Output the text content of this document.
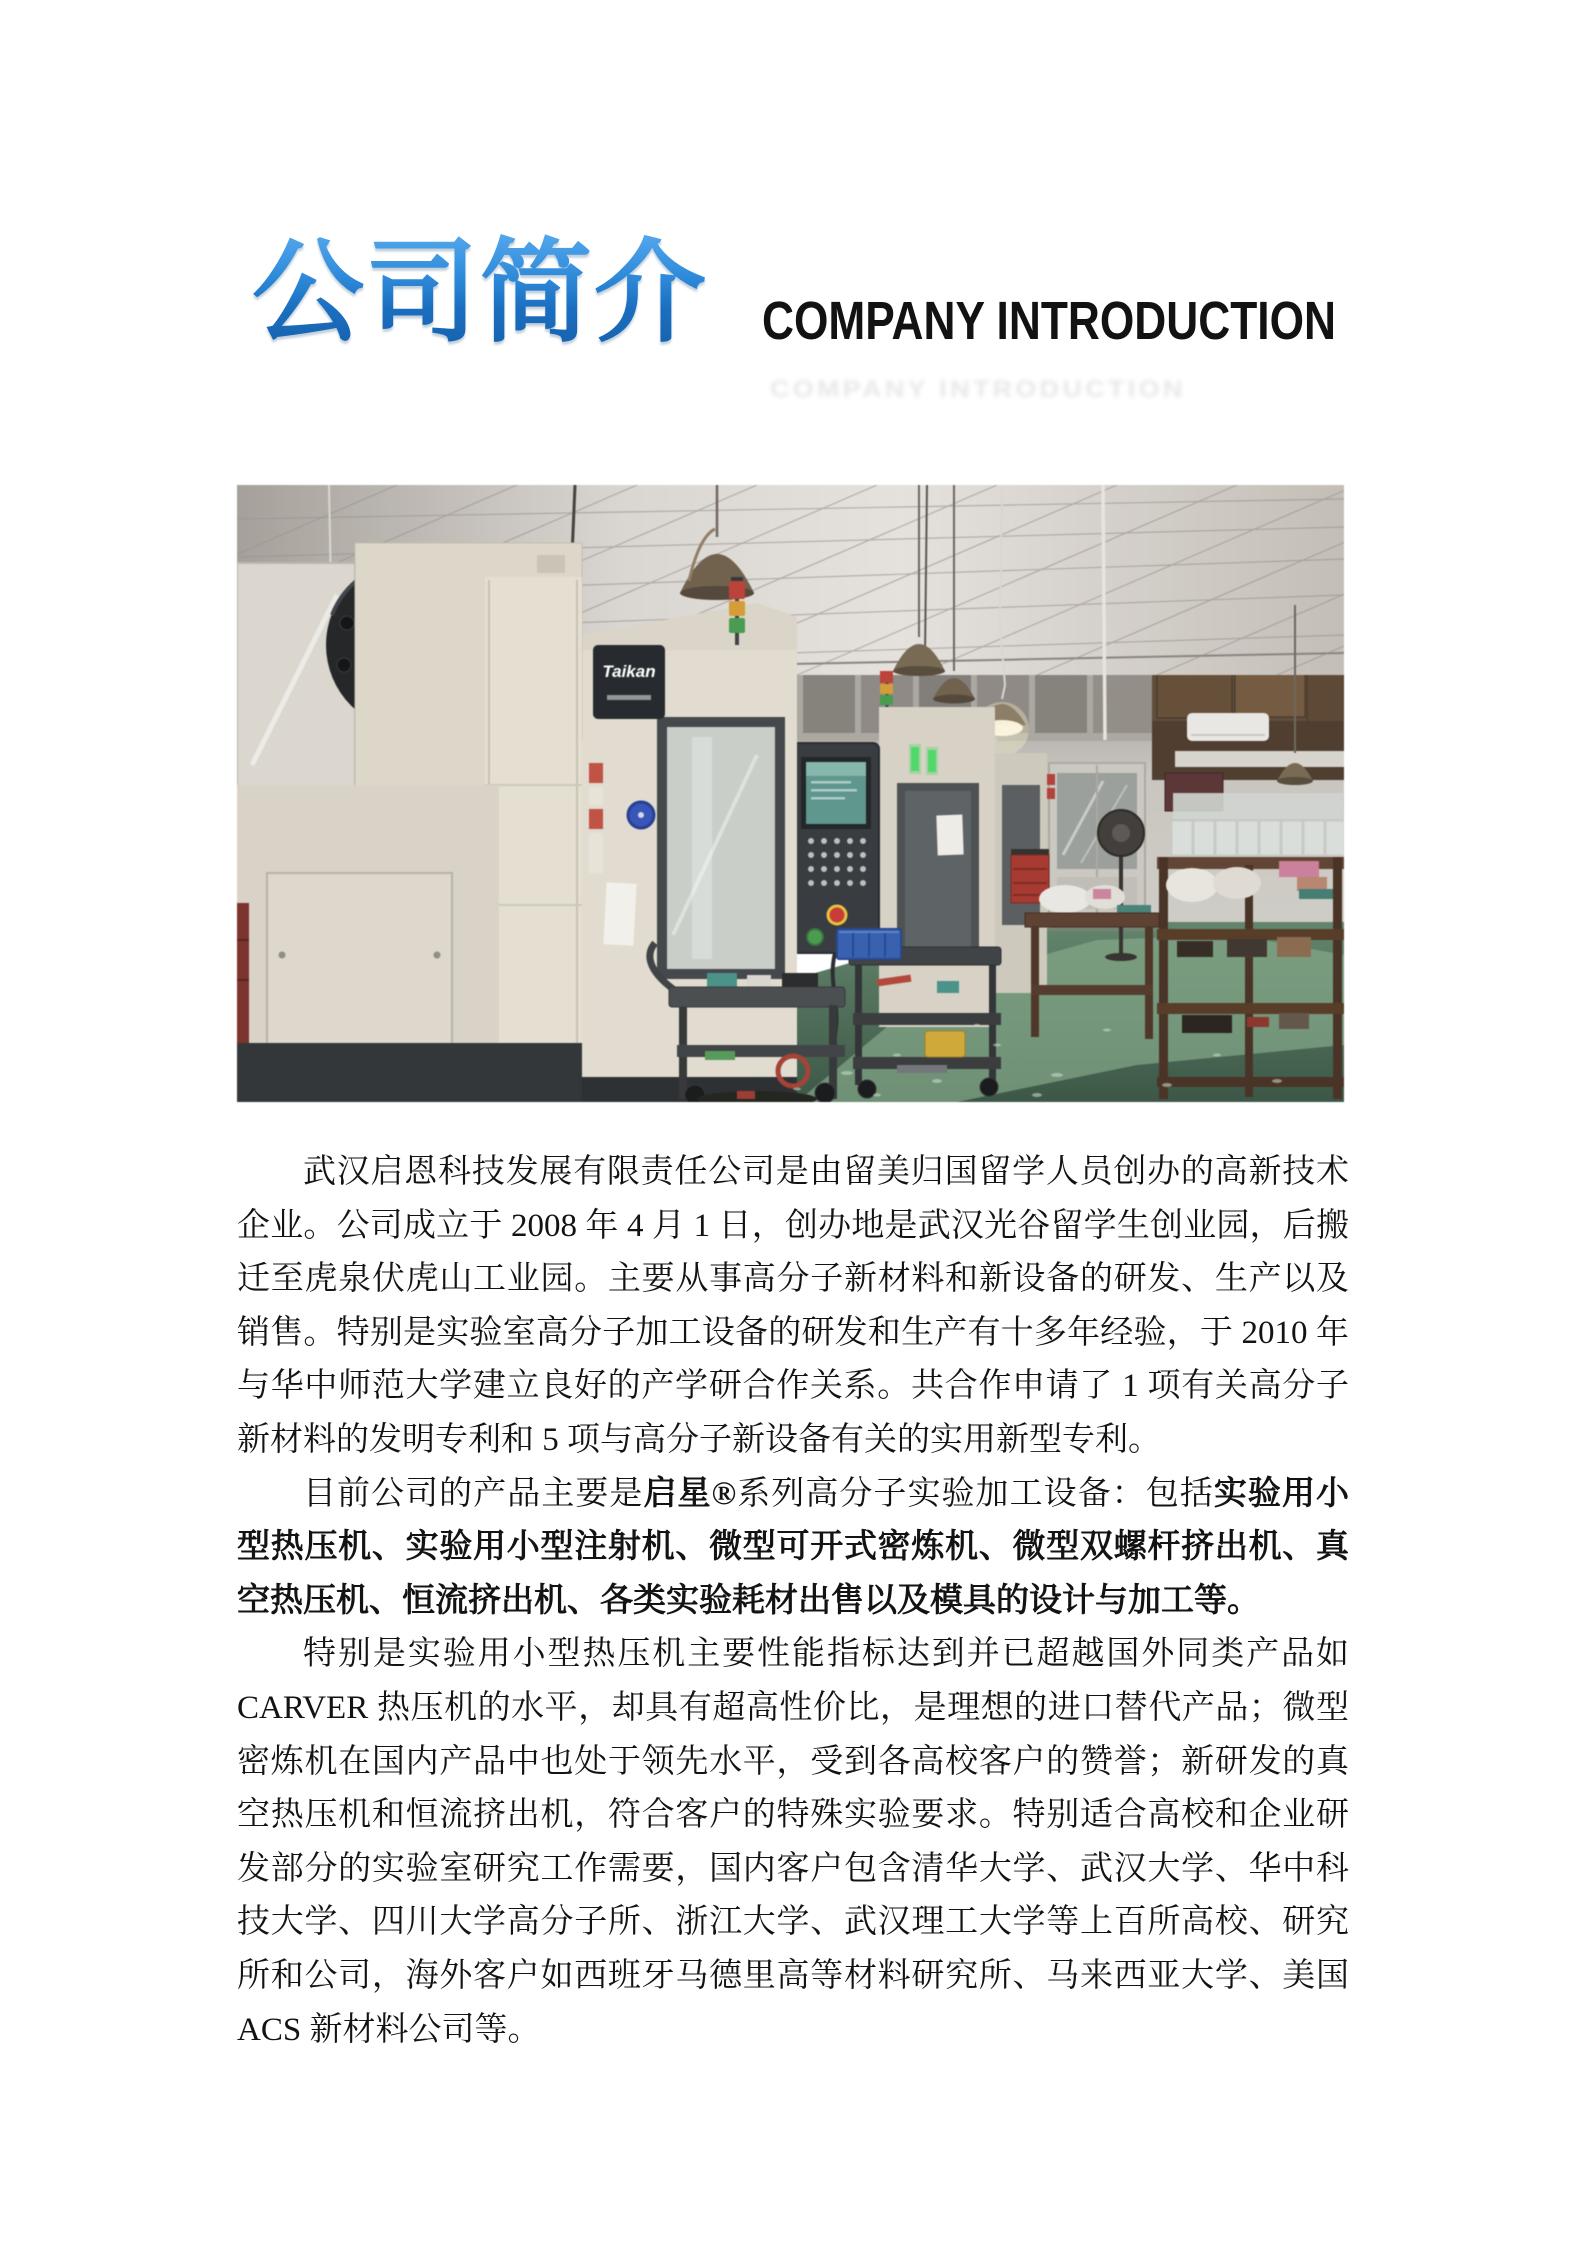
公司简介 COMPANY INTRODUCTION
COMPANY INTRODUCTION
Taikan

武汉启恩科技发展有限责任公司是由留美归国留学人员创办的高新技术企业。公司成立于 2008 年 4 月 1 日，创办地是武汉光谷留学生创业园，后搬迁至虎泉伏虎山工业园。主要从事高分子新材料和新设备的研发、生产以及销售。特别是实验室高分子加工设备的研发和生产有十多年经验，于 2010 年与华中师范大学建立良好的产学研合作关系。共合作申请了 1 项有关高分子新材料的发明专利和 5 项与高分子新设备有关的实用新型专利。

目前公司的产品主要是启星®系列高分子实验加工设备：包括实验用小型热压机、实验用小型注射机、微型可开式密炼机、微型双螺杆挤出机、真空热压机、恒流挤出机、各类实验耗材出售以及模具的设计与加工等。

特别是实验用小型热压机主要性能指标达到并已超越国外同类产品如 CARVER 热压机的水平，却具有超高性价比，是理想的进口替代产品；微型密炼机在国内产品中也处于领先水平，受到各高校客户的赞誉；新研发的真空热压机和恒流挤出机，符合客户的特殊实验要求。特别适合高校和企业研发部分的实验室研究工作需要，国内客户包含清华大学、武汉大学、华中科技大学、四川大学高分子所、浙江大学、武汉理工大学等上百所高校、研究所和公司，海外客户如西班牙马德里高等材料研究所、马来西亚大学、美国 ACS 新材料公司等。
